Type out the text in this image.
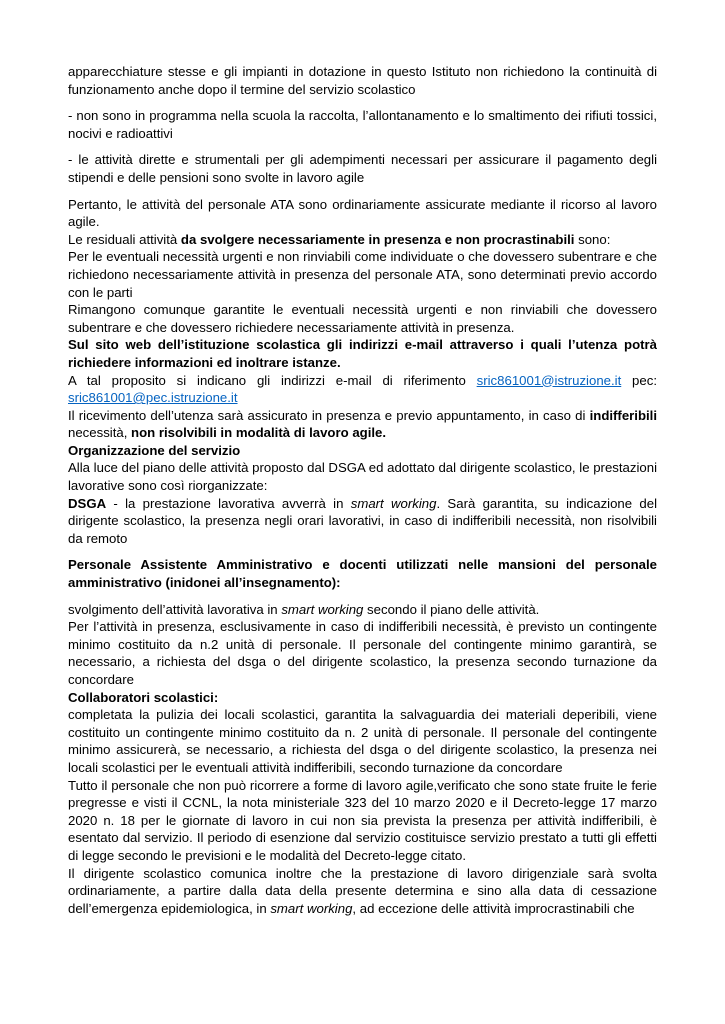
apparecchiature stesse e gli impianti in dotazione in questo Istituto non richiedono la continuità di funzionamento anche dopo il termine del servizio scolastico

- non sono in programma nella scuola la raccolta, l’allontanamento e lo smaltimento dei rifiuti tossici, nocivi e radioattivi

- le attività dirette e strumentali per gli adempimenti necessari per assicurare il pagamento degli stipendi e delle pensioni sono svolte in lavoro agile

Pertanto, le attività del personale ATA sono ordinariamente assicurate mediante il ricorso al lavoro agile.

Le residuali attività da svolgere necessariamente in presenza e non procrastinabili sono:

Per le eventuali necessità urgenti e non rinviabili come individuate o che dovessero subentrare e che richiedono necessariamente attività in presenza del personale ATA, sono determinati previo accordo con le parti

Rimangono comunque garantite le eventuali necessità urgenti e non rinviabili che dovessero subentrare e che dovessero richiedere necessariamente attività in presenza.

Sul sito web dell’istituzione scolastica gli indirizzi e-mail attraverso i quali l’utenza potrà richiedere informazioni ed inoltrare istanze.

A tal proposito si indicano gli indirizzi e-mail di riferimento sric861001@istruzione.it pec: sric861001@pec.istruzione.it

Il ricevimento dell’utenza sarà assicurato in presenza e previo appuntamento, in caso di indifferibili necessità, non risolvibili in modalità di lavoro agile.

Organizzazione del servizio

Alla luce del piano delle attività proposto dal DSGA ed adottato dal dirigente scolastico, le prestazioni lavorative sono così riorganizzate:

DSGA - la prestazione lavorativa avverrà in smart working. Sarà garantita, su indicazione del dirigente scolastico, la presenza negli orari lavorativi, in caso di indifferibili necessità, non risolvibili da remoto

Personale Assistente Amministrativo e docenti utilizzati nelle mansioni del personale amministrativo (inidonei all’insegnamento):

svolgimento dell’attività lavorativa in smart working secondo il piano delle attività.

Per l’attività in presenza, esclusivamente in caso di indifferibili necessità, è previsto un contingente minimo costituito da n.2 unità di personale. Il personale del contingente minimo garantirà, se necessario, a richiesta del dsga o del dirigente scolastico, la presenza secondo turnazione da concordare

Collaboratori scolastici:

completata la pulizia dei locali scolastici, garantita la salvaguardia dei materiali deperibili, viene costituito un contingente minimo costituito da n. 2 unità di personale. Il personale del contingente minimo assicurerà, se necessario, a richiesta del dsga o del dirigente scolastico, la presenza nei locali scolastici per le eventuali attività indifferibili, secondo turnazione da concordare

Tutto il personale che non può ricorrere a forme di lavoro agile,verificato che sono state fruite le ferie pregresse e visti il CCNL, la nota ministeriale 323 del 10 marzo 2020 e il Decreto-legge 17 marzo 2020 n. 18 per le giornate di lavoro in cui non sia prevista la presenza per attività indifferibili, è esentato dal servizio. Il periodo di esenzione dal servizio costituisce servizio prestato a tutti gli effetti di legge secondo le previsioni e le modalità del Decreto-legge citato.

Il dirigente scolastico comunica inoltre che la prestazione di lavoro dirigenziale sarà svolta ordinariamente, a partire dalla data della presente determina e sino alla data di cessazione dell’emergenza epidemiologica, in smart working, ad eccezione delle attività improcrastinabili che
